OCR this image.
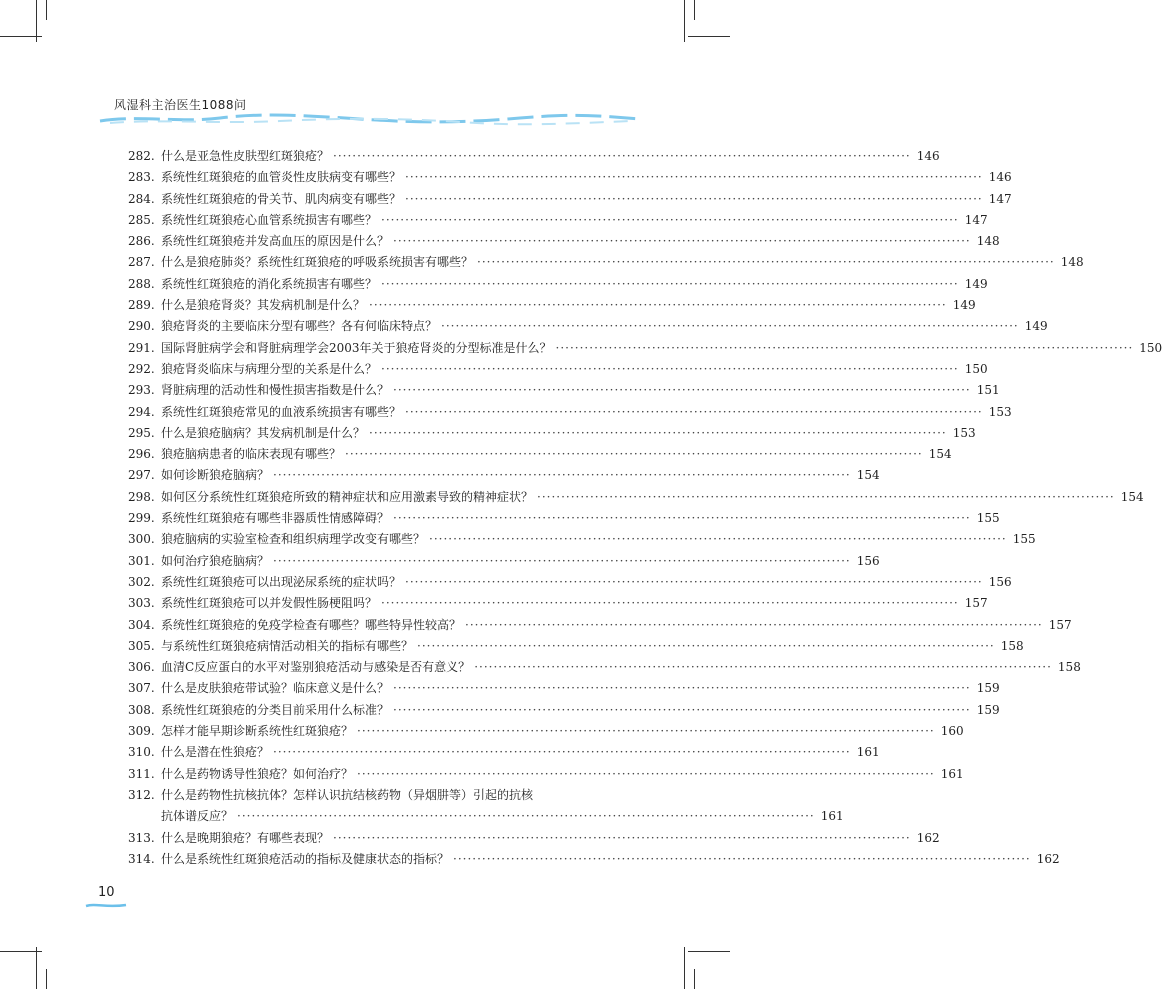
风湿科主治医生1088问
282. 什么是亚急性皮肤型红斑狼疮？ ························································································································ 146
283. 系统性红斑狼疮的血管炎性皮肤病变有哪些？ ························································································································ 146
284. 系统性红斑狼疮的骨关节、肌肉病变有哪些？ ························································································································ 147
285. 系统性红斑狼疮心血管系统损害有哪些？ ························································································································ 147
286. 系统性红斑狼疮并发高血压的原因是什么？ ························································································································ 148
287. 什么是狼疮肺炎？系统性红斑狼疮的呼吸系统损害有哪些？ ························································································································ 148
288. 系统性红斑狼疮的消化系统损害有哪些？ ························································································································ 149
289. 什么是狼疮肾炎？其发病机制是什么？ ························································································································ 149
290. 狼疮肾炎的主要临床分型有哪些？各有何临床特点？ ························································································································ 149
291. 国际肾脏病学会和肾脏病理学会2003年关于狼疮肾炎的分型标准是什么？ ························································································································ 150
292. 狼疮肾炎临床与病理分型的关系是什么？ ························································································································ 150
293. 肾脏病理的活动性和慢性损害指数是什么？ ························································································································ 151
294. 系统性红斑狼疮常见的血液系统损害有哪些？ ························································································································ 153
295. 什么是狼疮脑病？其发病机制是什么？ ························································································································ 153
296. 狼疮脑病患者的临床表现有哪些？ ························································································································ 154
297. 如何诊断狼疮脑病？ ························································································································ 154
298. 如何区分系统性红斑狼疮所致的精神症状和应用激素导致的精神症状？ ························································································································ 154
299. 系统性红斑狼疮有哪些非器质性情感障碍？ ························································································································ 155
300. 狼疮脑病的实验室检查和组织病理学改变有哪些？ ························································································································ 155
301. 如何治疗狼疮脑病？ ························································································································ 156
302. 系统性红斑狼疮可以出现泌尿系统的症状吗？ ························································································································ 156
303. 系统性红斑狼疮可以并发假性肠梗阻吗？ ························································································································ 157
304. 系统性红斑狼疮的免疫学检查有哪些？哪些特异性较高？ ························································································································ 157
305. 与系统性红斑狼疮病情活动相关的指标有哪些？ ························································································································ 158
306. 血清C反应蛋白的水平对鉴别狼疮活动与感染是否有意义？ ························································································································ 158
307. 什么是皮肤狼疮带试验？临床意义是什么？ ························································································································ 159
308. 系统性红斑狼疮的分类目前采用什么标准？ ························································································································ 159
309. 怎样才能早期诊断系统性红斑狼疮？ ························································································································ 160
310. 什么是潜在性狼疮？ ························································································································ 161
311. 什么是药物诱导性狼疮？如何治疗？ ························································································································ 161
312. 什么是药物性抗核抗体？怎样认识抗结核药物（异烟肼等）引起的抗核
抗体谱反应？ ························································································································ 161
313. 什么是晚期狼疮？有哪些表现？ ························································································································ 162
314. 什么是系统性红斑狼疮活动的指标及健康状态的指标？ ························································································································ 162
10
